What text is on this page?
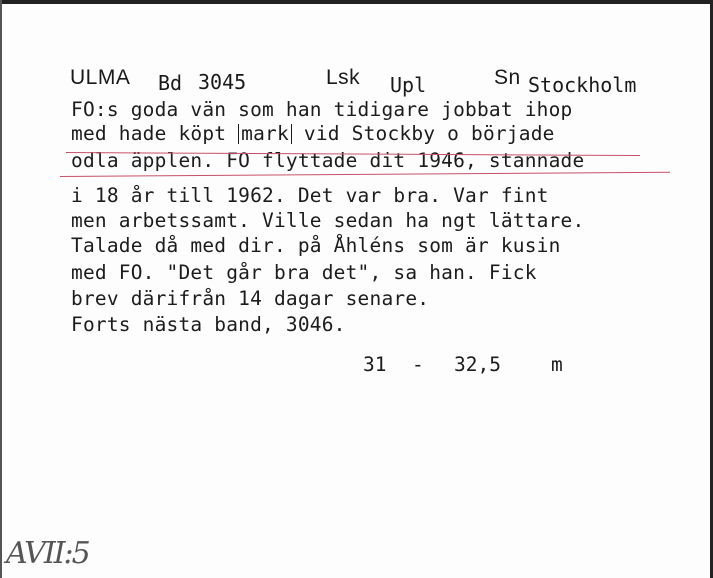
ULMA Bd 3045	Lsk Upl	Sn Stockholm
FO:s goda vän som han tidigare jobbat ihop
med hade köpt mark vid Stockby o började
odla äpplen. FO flyttade dit 1946, stannade
i 18 år till 1962. Det var bra. Var fint
men arbetssamt. Ville sedan ha ngt lättare.
Talade då med dir. på Åhléns som är kusin
med FO. "Det går bra det", sa han. Fick
brev därifrån 14 dagar senare.
Forts nästa band, 3046.
31 - 32,5	m
AVII:5
